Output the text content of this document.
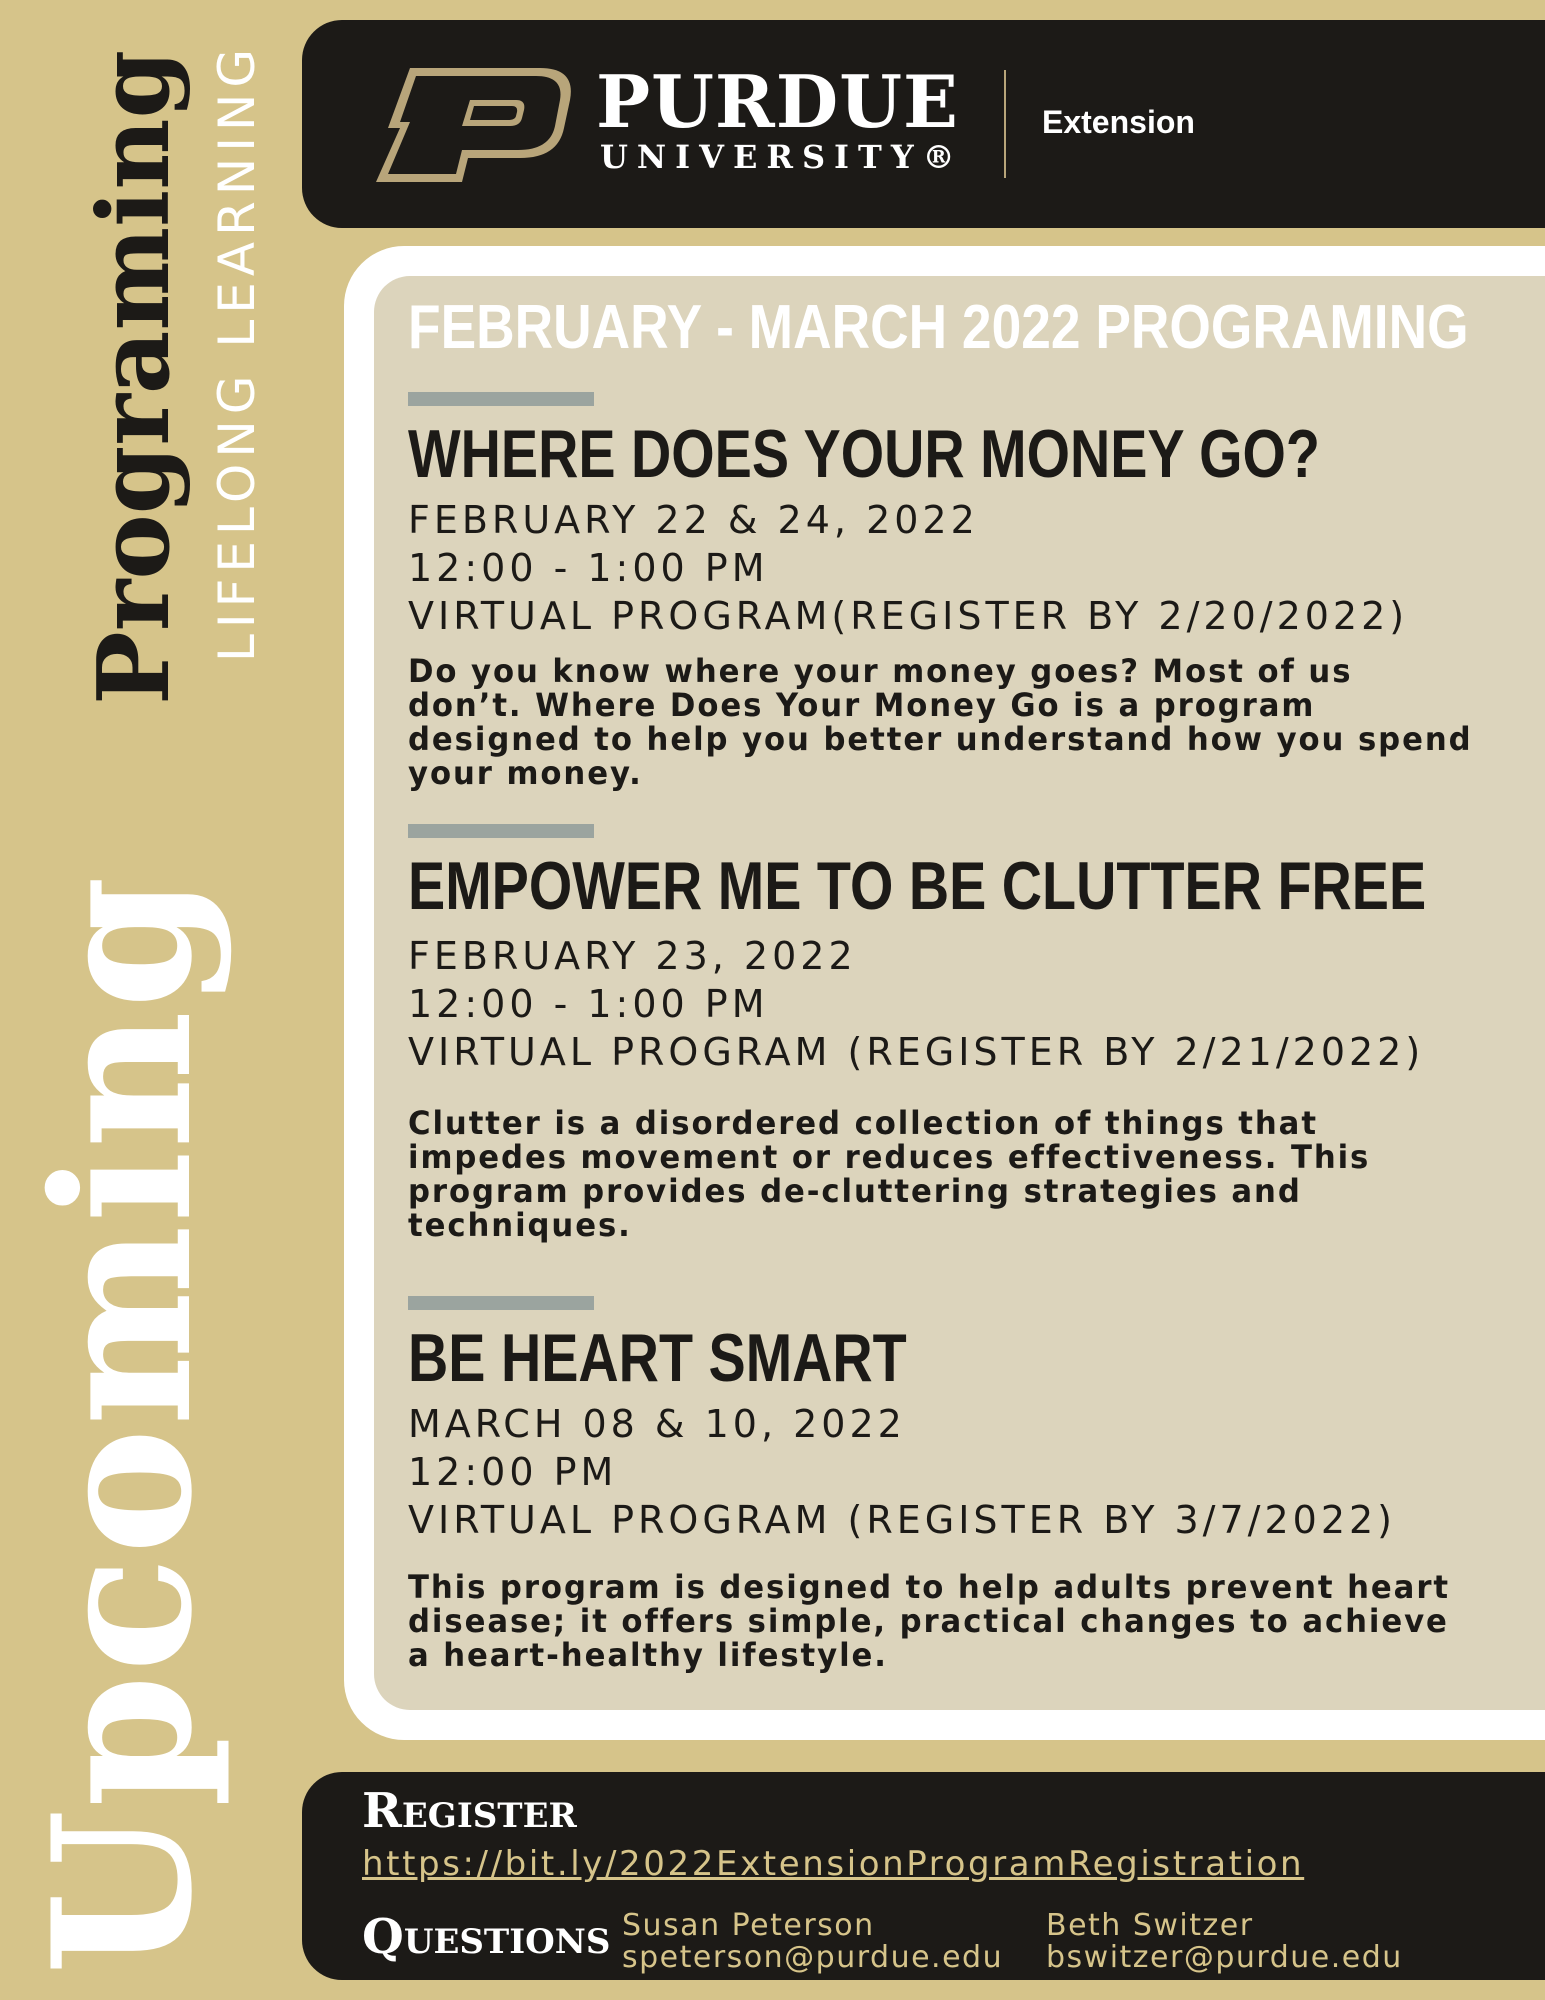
Upcoming
Programing LIFELONG LEARNING	PURDUE
UNIVERSITY®
Extension
FEBRUARY - MARCH 2022 PROGRAMING
WHERE DOES YOUR MONEY GO?
FEBRUARY 22 & 24, 2022
12:00 - 1:00 PM
VIRTUAL PROGRAM(REGISTER BY 2/20/2022)
Do you know where your money goes? Most of us don’t. Where Does Your Money Go is a program designed to help you better understand how you spend your money.
EMPOWER ME TO BE CLUTTER FREE
FEBRUARY 23, 2022
12:00 - 1:00 PM
VIRTUAL PROGRAM (REGISTER BY 2/21/2022)
Clutter is a disordered collection of things that impedes movement or reduces effectiveness. This program provides de-cluttering strategies and techniques.
BE HEART SMART
MARCH 08 & 10, 2022
12:00 PM
VIRTUAL PROGRAM (REGISTER BY 3/7/2022)
This program is designed to help adults prevent heart disease; it offers simple, practical changes to achieve a heart-healthy lifestyle.
Register
https://bit.ly/2022ExtensionProgramRegistration
Questions Susan Peterson
speterson@purdue.edu
Beth Switzer
bswitzer@purdue.edu
